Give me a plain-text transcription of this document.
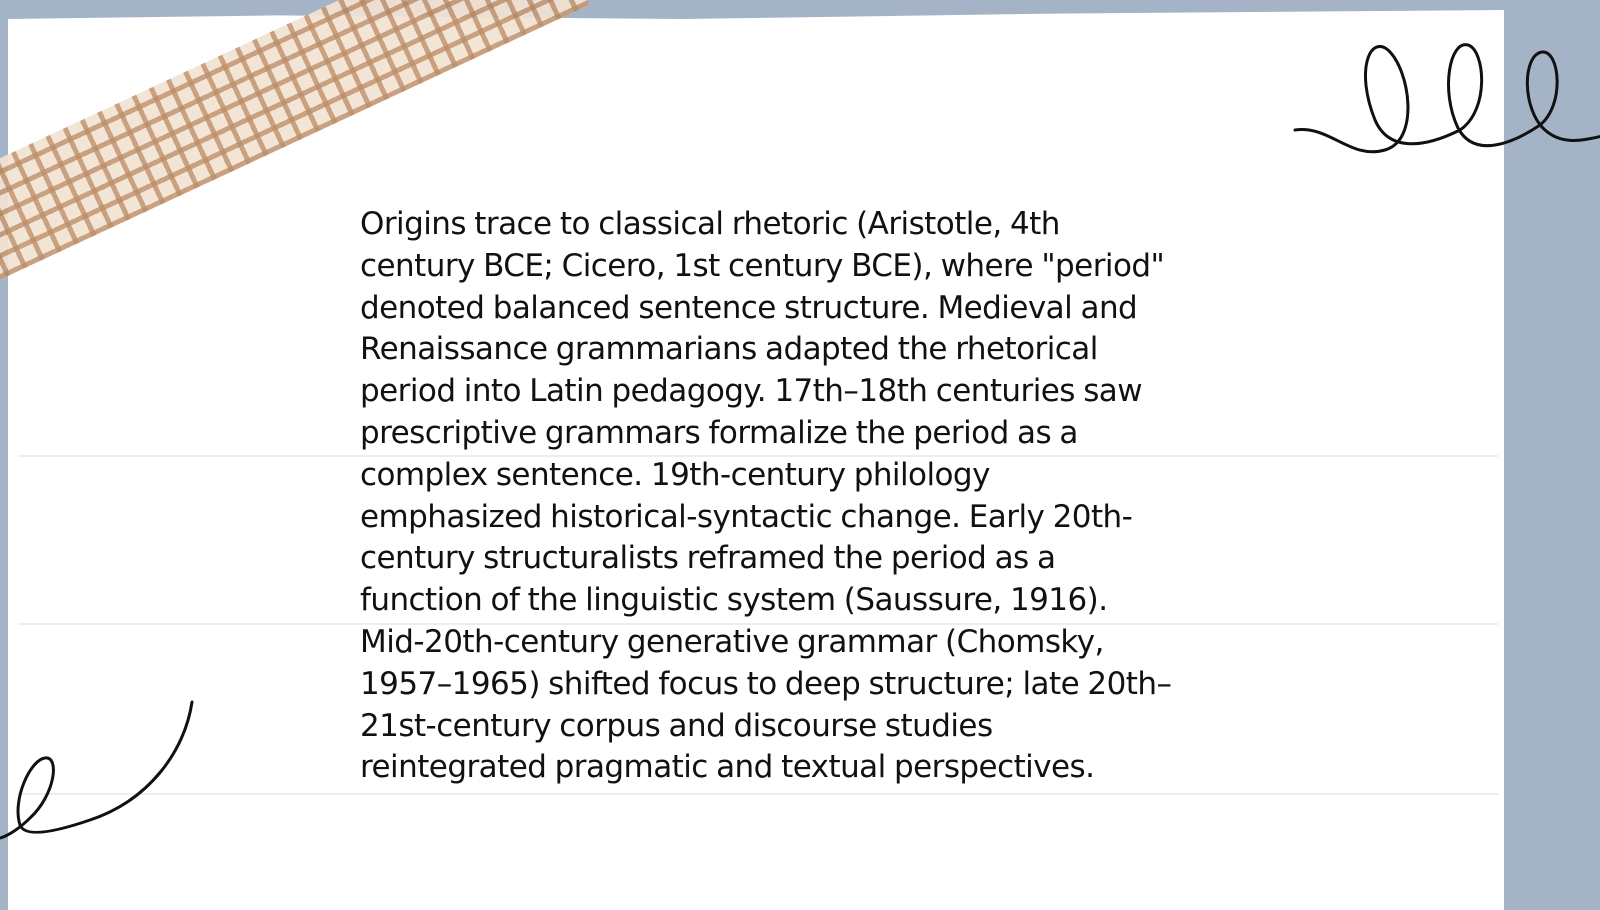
Origins trace to classical rhetoric (Aristotle, 4th
century BCE; Cicero, 1st century BCE), where "period"
denoted balanced sentence structure. Medieval and
Renaissance grammarians adapted the rhetorical
period into Latin pedagogy. 17th–18th centuries saw
prescriptive grammars formalize the period as a
complex sentence. 19th-century philology
emphasized historical-syntactic change. Early 20th-
century structuralists reframed the period as a
function of the linguistic system (Saussure, 1916).
Mid-20th-century generative grammar (Chomsky,
1957–1965) shifted focus to deep structure; late 20th–
21st-century corpus and discourse studies
reintegrated pragmatic and textual perspectives.
